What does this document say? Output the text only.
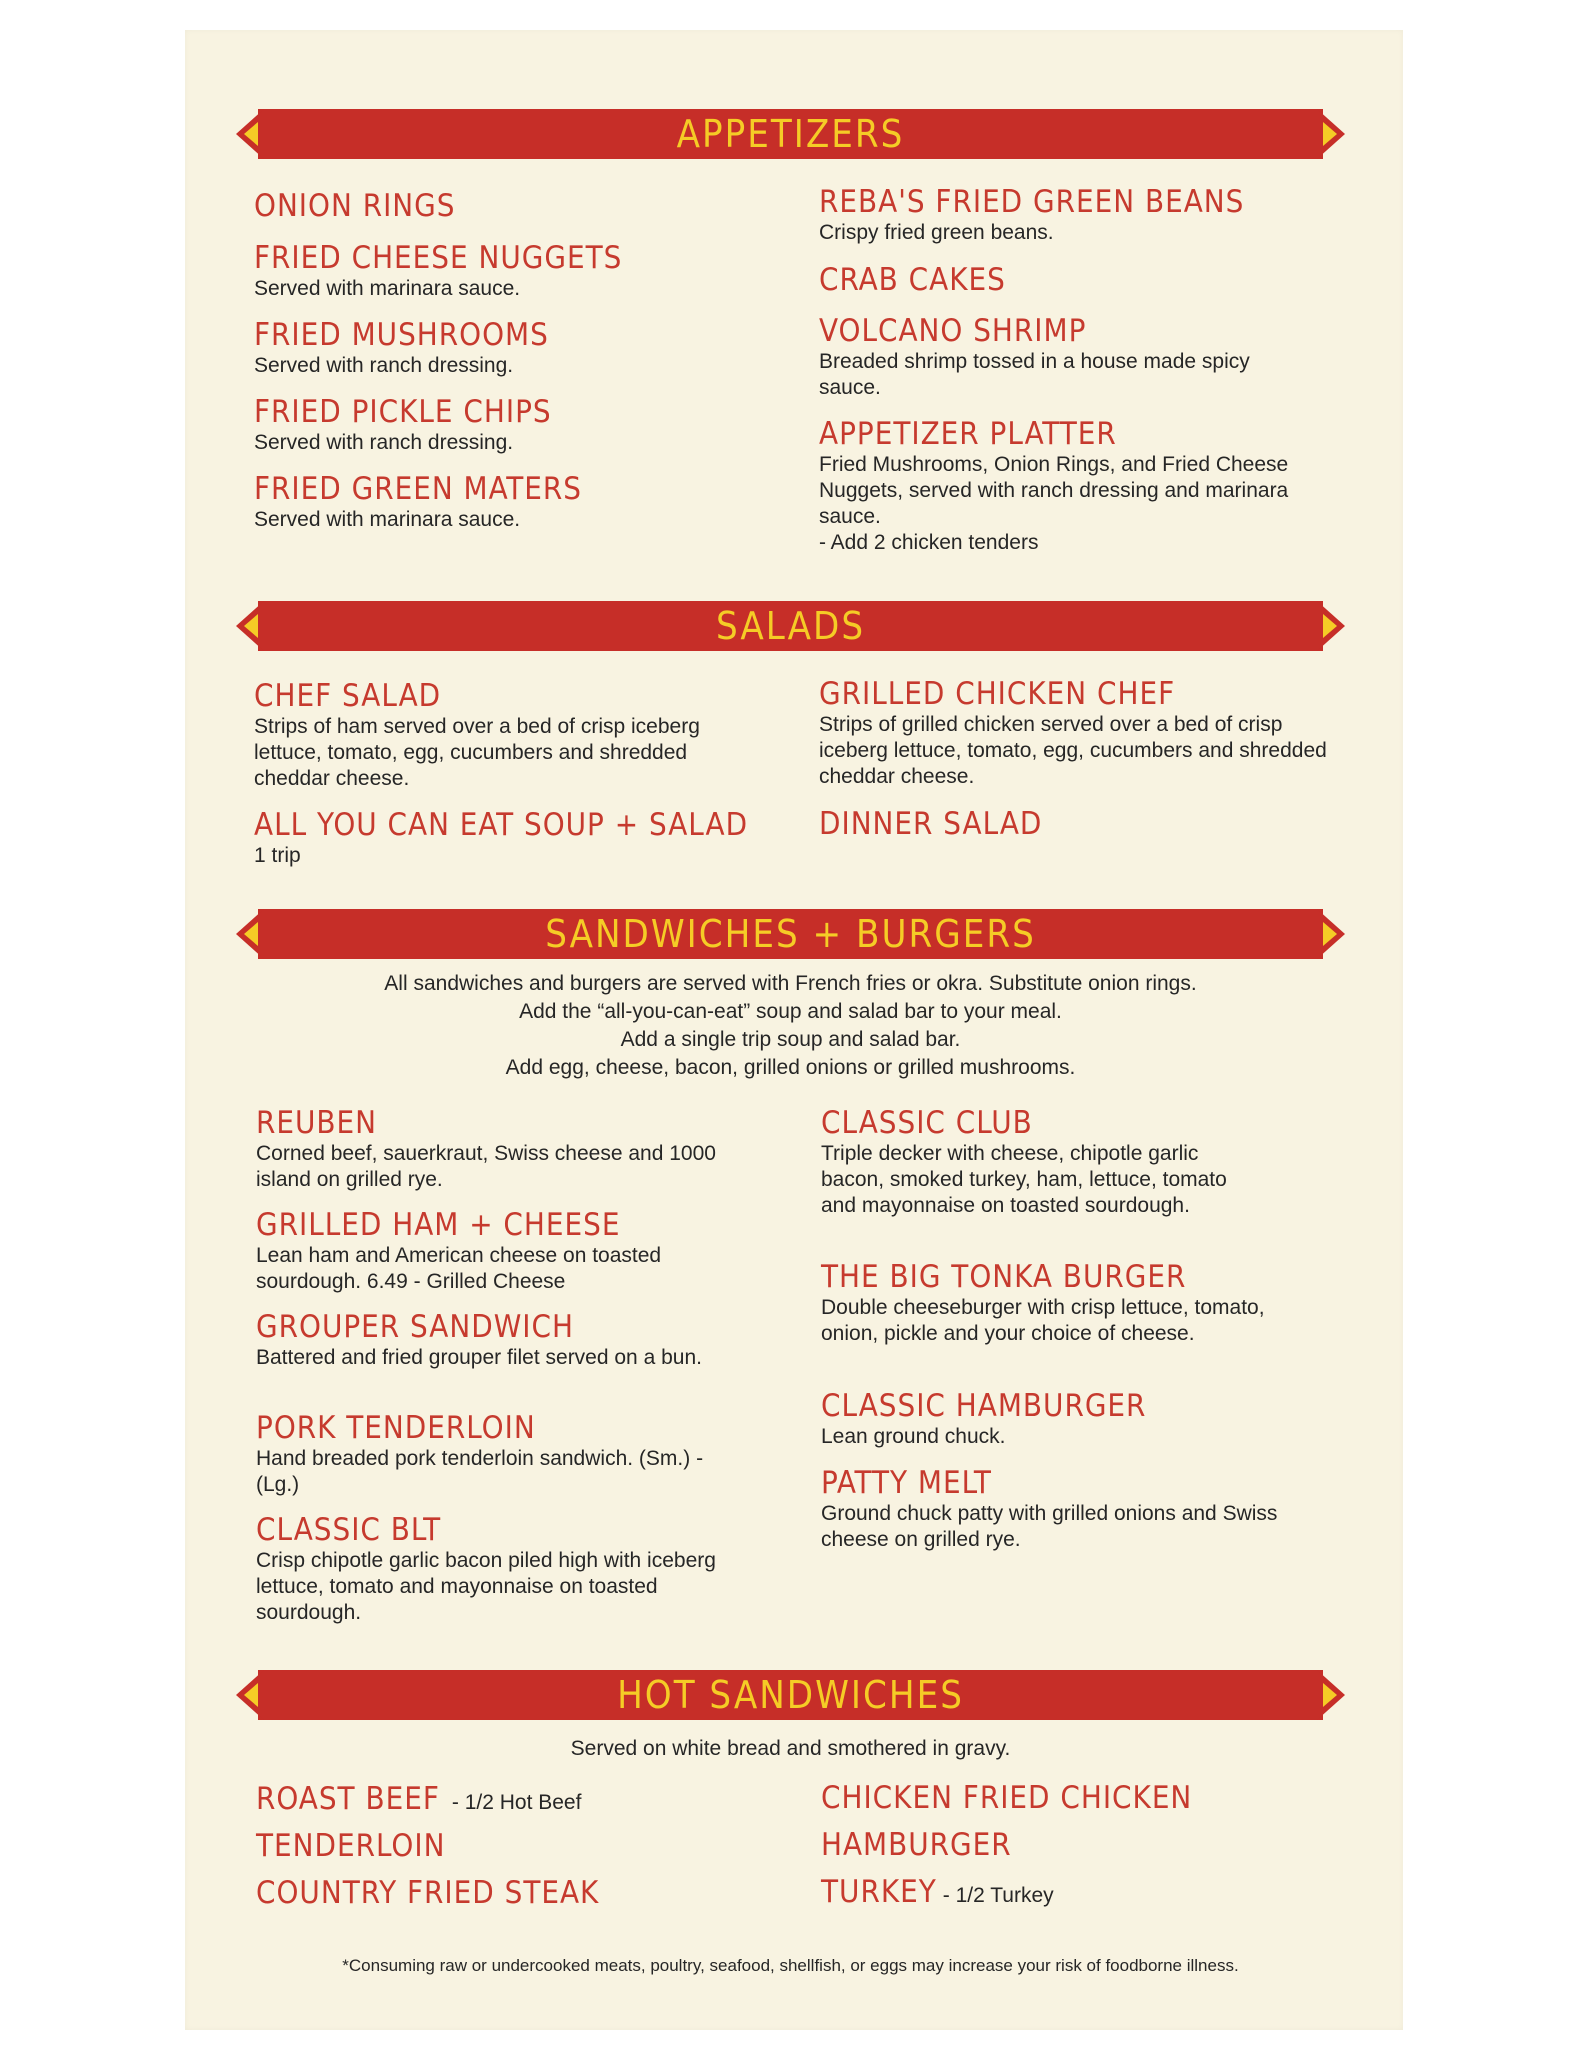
APPETIZERS
ONION RINGS
FRIED CHEESE NUGGETS
Served with marinara sauce.
FRIED MUSHROOMS
Served with ranch dressing.
FRIED PICKLE CHIPS
Served with ranch dressing.
FRIED GREEN MATERS
Served with marinara sauce.
REBA'S FRIED GREEN BEANS
Crispy fried green beans.
CRAB CAKES
VOLCANO SHRIMP
Breaded shrimp tossed in a house made spicy sauce.
APPETIZER PLATTER
Fried Mushrooms, Onion Rings, and Fried Cheese Nuggets, served with ranch dressing and marinara sauce.
- Add 2 chicken tenders
SALADS
CHEF SALAD
Strips of ham served over a bed of crisp iceberg lettuce, tomato, egg, cucumbers and shredded cheddar cheese.
ALL YOU CAN EAT SOUP + SALAD
1 trip
GRILLED CHICKEN CHEF
Strips of grilled chicken served over a bed of crisp iceberg lettuce, tomato, egg, cucumbers and shredded cheddar cheese.
DINNER SALAD
SANDWICHES + BURGERS
All sandwiches and burgers are served with French fries or okra. Substitute onion rings.
Add the “all-you-can-eat” soup and salad bar to your meal.
Add a single trip soup and salad bar.
Add egg, cheese, bacon, grilled onions or grilled mushrooms.
REUBEN
Corned beef, sauerkraut, Swiss cheese and 1000 island on grilled rye.
GRILLED HAM + CHEESE
Lean ham and American cheese on toasted sourdough. 6.49 - Grilled Cheese
GROUPER SANDWICH
Battered and fried grouper filet served on a bun.
PORK TENDERLOIN
Hand breaded pork tenderloin sandwich. (Sm.) - (Lg.)
CLASSIC BLT
Crisp chipotle garlic bacon piled high with iceberg lettuce, tomato and mayonnaise on toasted sourdough.
CLASSIC CLUB
Triple decker with cheese, chipotle garlic bacon, smoked turkey, ham, lettuce, tomato and mayonnaise on toasted sourdough.
THE BIG TONKA BURGER
Double cheeseburger with crisp lettuce, tomato, onion, pickle and your choice of cheese.
CLASSIC HAMBURGER
Lean ground chuck.
PATTY MELT
Ground chuck patty with grilled onions and Swiss cheese on grilled rye.
HOT SANDWICHES
Served on white bread and smothered in gravy.
ROAST BEEF - 1/2 Hot Beef
TENDERLOIN
COUNTRY FRIED STEAK
CHICKEN FRIED CHICKEN
HAMBURGER
TURKEY - 1/2 Turkey
*Consuming raw or undercooked meats, poultry, seafood, shellfish, or eggs may increase your risk of foodborne illness.
